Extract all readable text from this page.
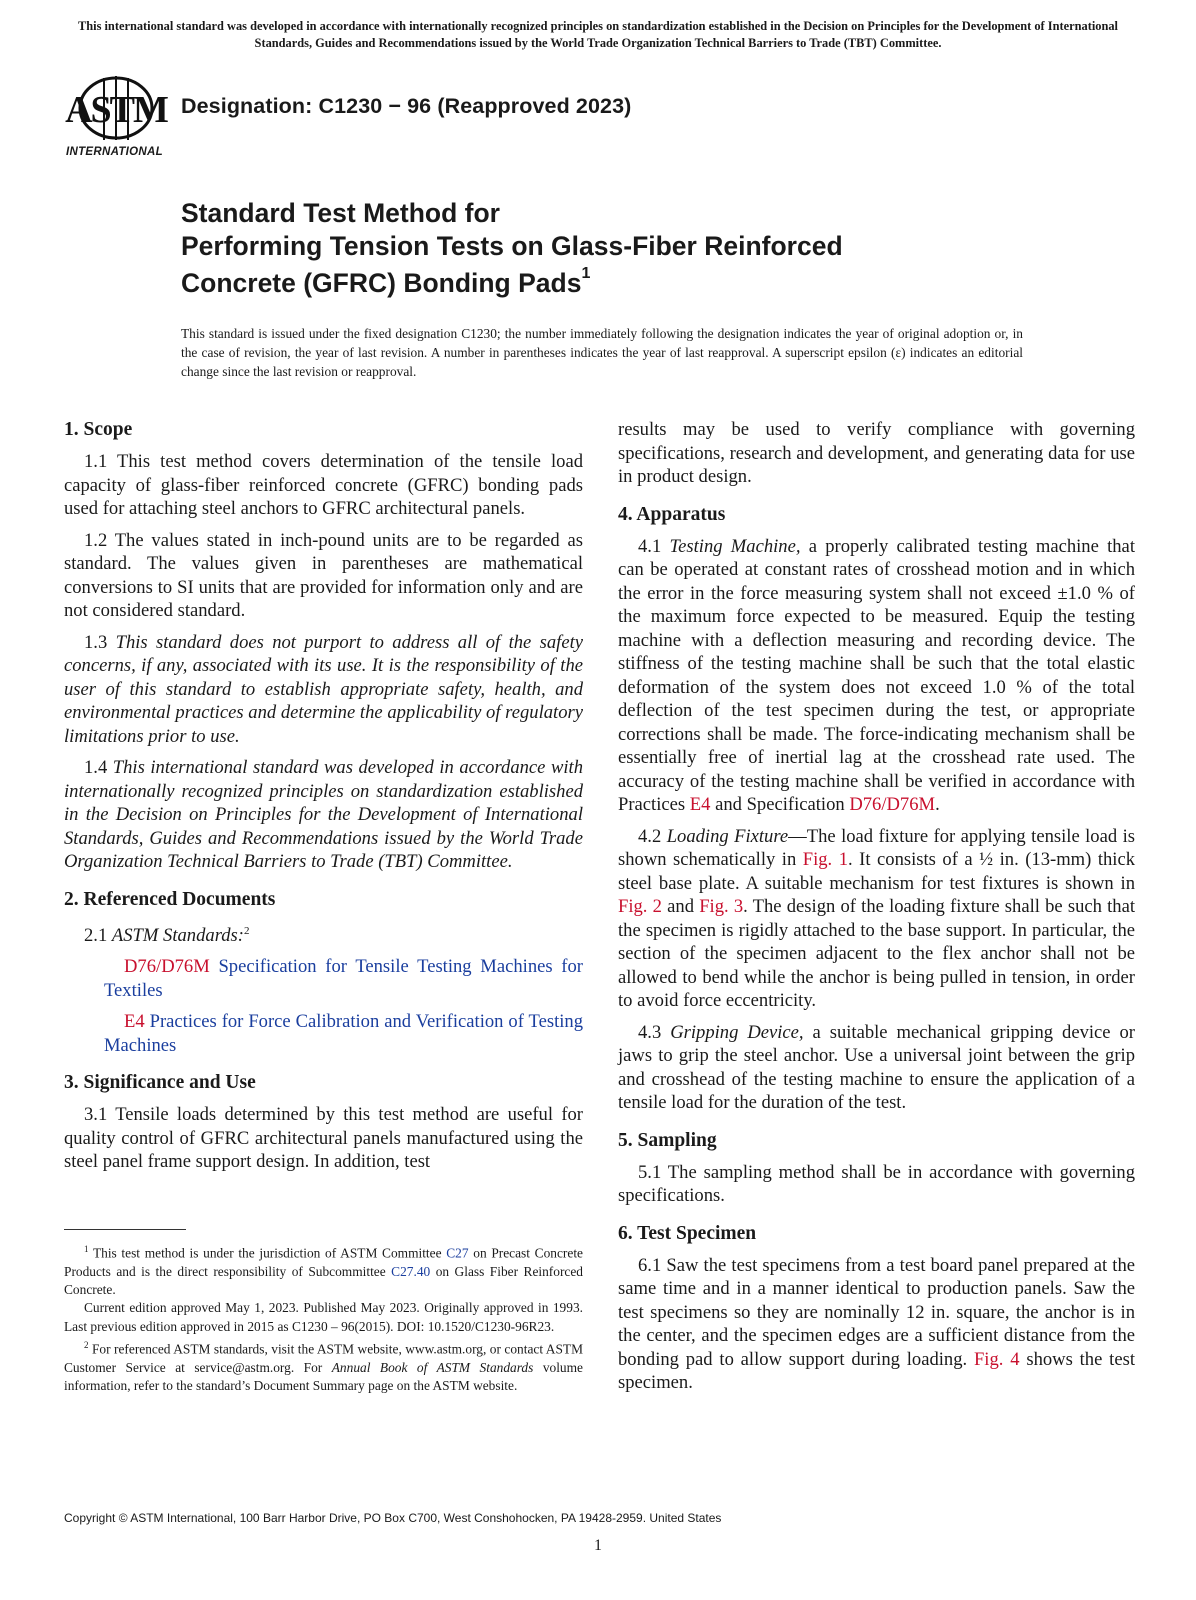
This international standard was developed in accordance with internationally recognized principles on standardization established in the Decision on Principles for the Development of International Standards, Guides and Recommendations issued by the World Trade Organization Technical Barriers to Trade (TBT) Committee.
ASTM
INTERNATIONAL
Designation: C1230 − 96 (Reapproved 2023)
Standard Test Method for
Performing Tension Tests on Glass-Fiber Reinforced
Concrete (GFRC) Bonding Pads$^1$

This standard is issued under the fixed designation C1230; the number immediately following the designation indicates the year of original adoption or, in the case of revision, the year of last revision. A number in parentheses indicates the year of last reapproval. A superscript epsilon (ε) indicates an editorial change since the last revision or reapproval.

1. Scope

1.1 This test method covers determination of the tensile load capacity of glass-fiber reinforced concrete (GFRC) bonding pads used for attaching steel anchors to GFRC architectural panels.

1.2 The values stated in inch-pound units are to be regarded as standard. The values given in parentheses are mathematical conversions to SI units that are provided for information only and are not considered standard.

1.3 This standard does not purport to address all of the safety concerns, if any, associated with its use. It is the responsibility of the user of this standard to establish appropriate safety, health, and environmental practices and determine the applicability of regulatory limitations prior to use.

1.4 This international standard was developed in accordance with internationally recognized principles on standardization established in the Decision on Principles for the Development of International Standards, Guides and Recommendations issued by the World Trade Organization Technical Barriers to Trade (TBT) Committee.

2. Referenced Documents

2.1 ASTM Standards:$^2$

D76/D76M Specification for Tensile Testing Machines for Textiles

E4 Practices for Force Calibration and Verification of Testing Machines

3. Significance and Use

3.1 Tensile loads determined by this test method are useful for quality control of GFRC architectural panels manufactured using the steel panel frame support design. In addition, test

$^1$ This test method is under the jurisdiction of ASTM Committee C27 on Precast Concrete Products and is the direct responsibility of Subcommittee C27.40 on Glass Fiber Reinforced Concrete.

Current edition approved May 1, 2023. Published May 2023. Originally approved in 1993. Last previous edition approved in 2015 as C1230 – 96(2015). DOI: 10.1520/C1230-96R23.

$^2$ For referenced ASTM standards, visit the ASTM website, www.astm.org, or contact ASTM Customer Service at service@astm.org. For Annual Book of ASTM Standards volume information, refer to the standard’s Document Summary page on the ASTM website.

results may be used to verify compliance with governing specifications, research and development, and generating data for use in product design.

4. Apparatus

4.1 Testing Machine, a properly calibrated testing machine that can be operated at constant rates of crosshead motion and in which the error in the force measuring system shall not exceed ±1.0 % of the maximum force expected to be measured. Equip the testing machine with a deflection measuring and recording device. The stiffness of the testing machine shall be such that the total elastic deformation of the system does not exceed 1.0 % of the total deflection of the test specimen during the test, or appropriate corrections shall be made. The force-indicating mechanism shall be essentially free of inertial lag at the crosshead rate used. The accuracy of the testing machine shall be verified in accordance with Practices E4 and Specification D76/D76M.

4.2 Loading Fixture—The load fixture for applying tensile load is shown schematically in Fig. 1. It consists of a ½ in. (13-mm) thick steel base plate. A suitable mechanism for test fixtures is shown in Fig. 2 and Fig. 3. The design of the loading fixture shall be such that the specimen is rigidly attached to the base support. In particular, the section of the specimen adjacent to the flex anchor shall not be allowed to bend while the anchor is being pulled in tension, in order to avoid force eccentricity.

4.3 Gripping Device, a suitable mechanical gripping device or jaws to grip the steel anchor. Use a universal joint between the grip and crosshead of the testing machine to ensure the application of a tensile load for the duration of the test.

5. Sampling

5.1 The sampling method shall be in accordance with governing specifications.

6. Test Specimen

6.1 Saw the test specimens from a test board panel prepared at the same time and in a manner identical to production panels. Saw the test specimens so they are nominally 12 in. square, the anchor is in the center, and the specimen edges are a sufficient distance from the bonding pad to allow support during loading. Fig. 4 shows the test specimen.

Copyright © ASTM International, 100 Barr Harbor Drive, PO Box C700, West Conshohocken, PA 19428-2959. United States
1
